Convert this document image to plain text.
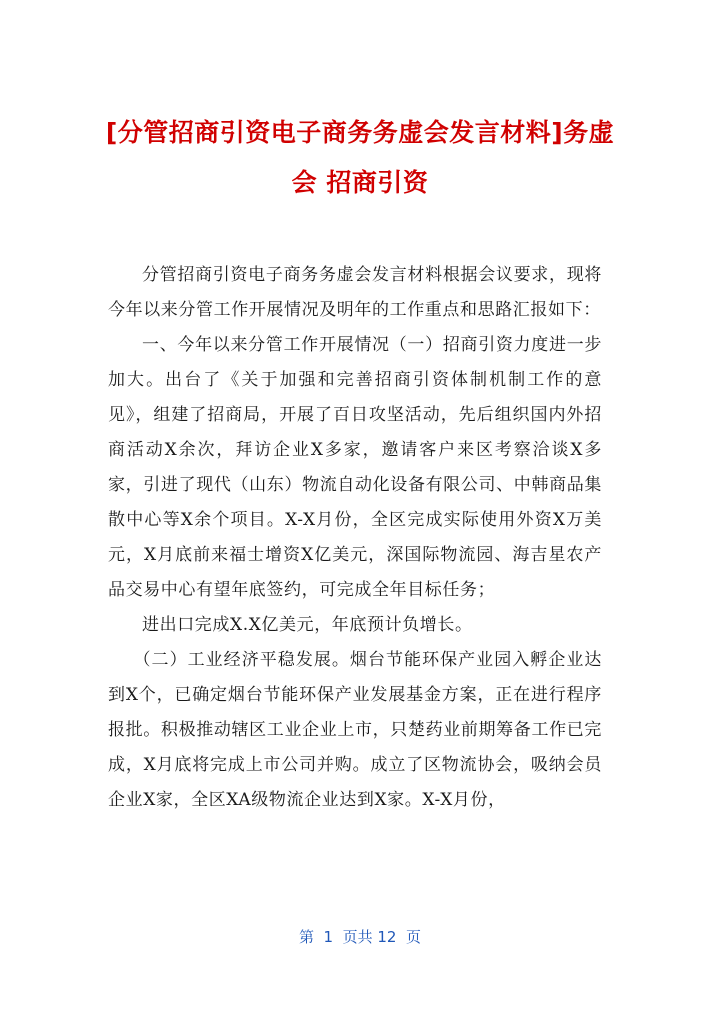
[分管招商引资电子商务务虚会发言材料]务虚会 招商引资

分管招商引资电子商务务虚会发言材料根据会议要求，现将今年以来分管工作开展情况及明年的工作重点和思路汇报如下：

一、今年以来分管工作开展情况（一）招商引资力度进一步加大。出台了《关于加强和完善招商引资体制机制工作的意见》，组建了招商局，开展了百日攻坚活动，先后组织国内外招商活动X余次，拜访企业X多家，邀请客户来区考察洽谈X多家，引进了现代（山东）物流自动化设备有限公司、中韩商品集散中心等X余个项目。X-X月份，全区完成实际使用外资X万美元，X月底前来福士增资X亿美元，深国际物流园、海吉星农产品交易中心有望年底签约，可完成全年目标任务；

进出口完成X.X亿美元，年底预计负增长。

（二）工业经济平稳发展。烟台节能环保产业园入孵企业达到X个，已确定烟台节能环保产业发展基金方案，正在进行程序报批。积极推动辖区工业企业上市，只楚药业前期筹备工作已完成，X月底将完成上市公司并购。成立了区物流协会，吸纳会员企业X家，全区XA级物流企业达到X家。X-X月份，

第  1  页共 12  页
